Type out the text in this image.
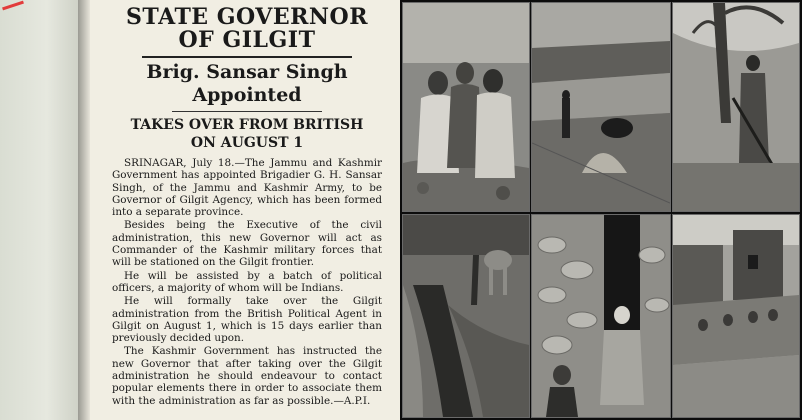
STATE GOVERNOR
OF GILGIT
Brig. Sansar Singh
Appointed
TAKES OVER FROM BRITISH
ON AUGUST 1

SRINAGAR, July 18.—The Jammu and Kashmir Government has appointed Brigadier G. H. Sansar Singh, of the Jammu and Kashmir Army, to be Governor of Gilgit Agency, which has been formed into a separate province.

Besides being the Executive of the civil administration, this new Governor will act as Commander of the Kashmir military forces that will be stationed on the Gilgit frontier.

He will be assisted by a batch of political officers, a majority of whom will be Indians.

He will formally take over the Gilgit administration from the British Political Agent in Gilgit on August 1, which is 15 days earlier than previously decided upon.

The Kashmir Government has instructed the new Governor that after taking over the Gilgit administration he should endeavour to contact popular elements there in order to associate them with the administration as far as possible.—A.P.I.
